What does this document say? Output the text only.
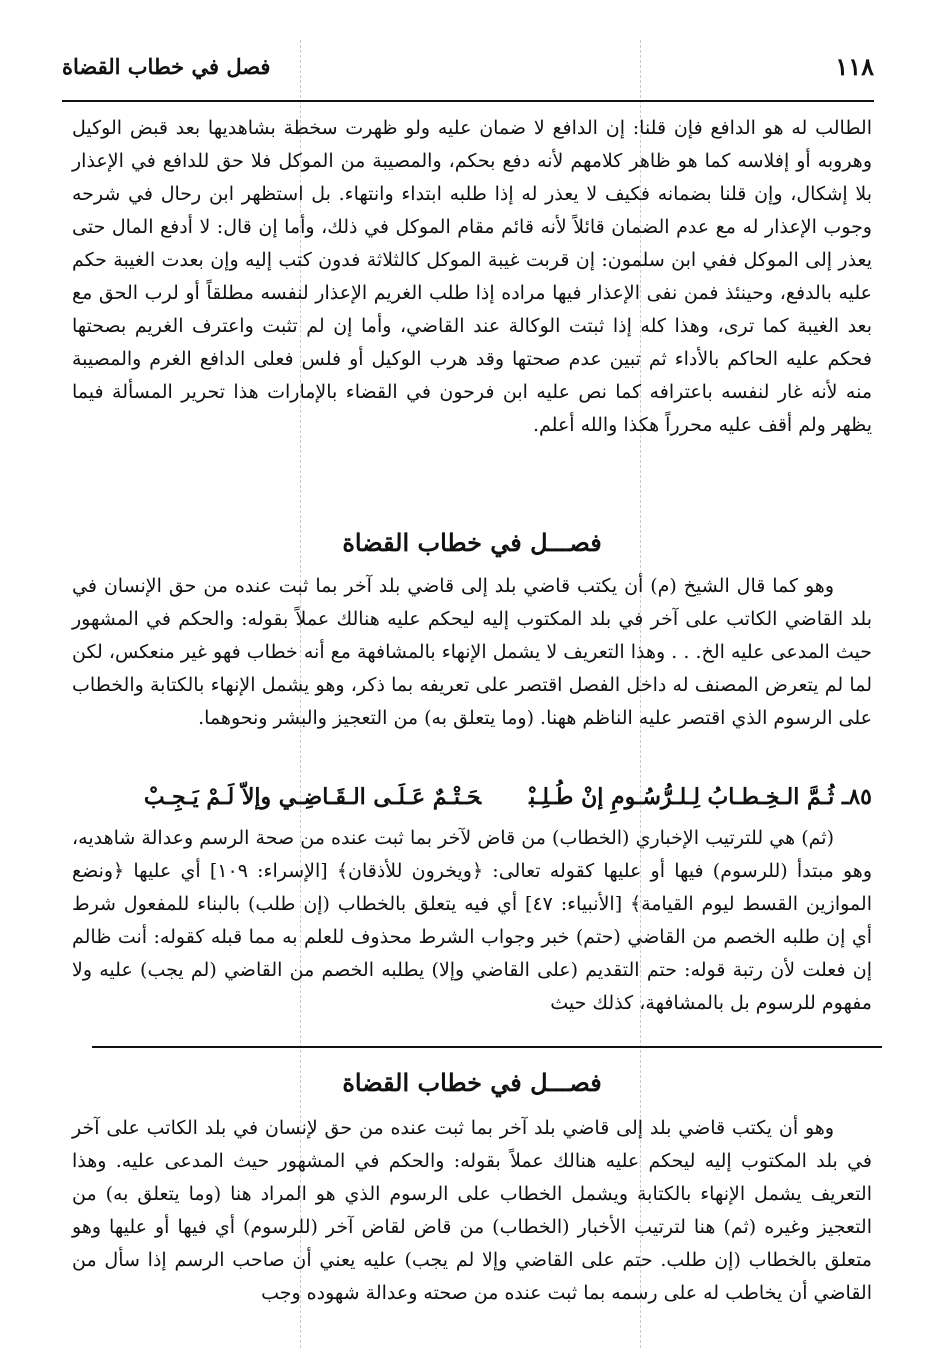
١١٨
فصل في خطاب القضاة

الطالب له هو الدافع فإن قلنا: إن الدافع لا ضمان عليه ولو ظهرت سخطة بشاهديها بعد قبض الوكيل وهروبه أو إفلاسه كما هو ظاهر كلامهم لأنه دفع بحكم، والمصيبة من الموكل فلا حق للدافع في الإعذار بلا إشكال، وإن قلنا بضمانه فكيف لا يعذر له إذا طلبه ابتداء وانتهاء. بل استظهر ابن رحال في شرحه وجوب الإعذار له مع عدم الضمان قائلاً لأنه قائم مقام الموكل في ذلك، وأما إن قال: لا أدفع المال حتى يعذر إلى الموكل ففي ابن سلمون: إن قربت غيبة الموكل كالثلاثة فدون كتب إليه وإن بعدت الغيبة حكم عليه بالدفع، وحينئذ فمن نفى الإعذار فيها مراده إذا طلب الغريم الإعذار لنفسه مطلقاً أو لرب الحق مع بعد الغيبة كما ترى، وهذا كله إذا ثبتت الوكالة عند القاضي، وأما إن لم تثبت واعترف الغريم بصحتها فحكم عليه الحاكم بالأداء ثم تبين عدم صحتها وقد هرب الوكيل أو فلس فعلى الدافع الغرم والمصيبة منه لأنه غار لنفسه باعترافه كما نص عليه ابن فرحون في القضاء بالإمارات هذا تحرير المسألة فيما يظهر ولم أقف عليه محرراً هكذا والله أعلم.

فصـــل في خطاب القضاة

وهو كما قال الشيخ (م) أن يكتب قاضي بلد إلى قاضي بلد آخر بما ثبت عنده من حق الإنسان في بلد القاضي الكاتب على آخر في بلد المكتوب إليه ليحكم عليه هنالك عملاً بقوله: والحكم في المشهور حيث المدعى عليه الخ. . . وهذا التعريف لا يشمل الإنهاء بالمشافهة مع أنه خطاب فهو غير منعكس، لكن لما لم يتعرض المصنف له داخل الفصل اقتصر على تعريفه بما ذكر، وهو يشمل الإنهاء بالكتابة والخطاب على الرسوم الذي اقتصر عليه الناظم ههنا. (وما يتعلق به) من التعجيز والبشر ونحوهما.

٨٥ـ ثُـمَّ الـخِـطـابُ لِـلـرُّسُـومِ إنْ طُـلِـبْحَـتْـمٌ عَـلَـى الـقَـاضِـي وإلاّ لَـمْ يَـجِـبْ

(ثم) هي للترتيب الإخباري (الخطاب) من قاض لآخر بما ثبت عنده من صحة الرسم وعدالة شاهديه، وهو مبتدأ (للرسوم) فيها أو عليها كقوله تعالى: ﴿ويخرون للأذقان﴾ [الإسراء: ١٠٩] أي عليها ﴿ونضع الموازين القسط ليوم القيامة﴾ [الأنبياء: ٤٧] أي فيه يتعلق بالخطاب (إن طلب) بالبناء للمفعول شرط أي إن طلبه الخصم من القاضي (حتم) خبر وجواب الشرط محذوف للعلم به مما قبله كقوله: أنت ظالم إن فعلت لأن رتبة قوله: حتم التقديم (على القاضي وإلا) يطلبه الخصم من القاضي (لم يجب) عليه ولا مفهوم للرسوم بل بالمشافهة، كذلك حيث

فصـــل في خطاب القضاة

وهو أن يكتب قاضي بلد إلى قاضي بلد آخر بما ثبت عنده من حق لإنسان في بلد الكاتب على آخر في بلد المكتوب إليه ليحكم عليه هنالك عملاً بقوله: والحكم في المشهور حيث المدعى عليه. وهذا التعريف يشمل الإنهاء بالكتابة ويشمل الخطاب على الرسوم الذي هو المراد هنا (وما يتعلق به) من التعجيز وغيره (ثم) هنا لترتيب الأخبار (الخطاب) من قاض لقاض آخر (للرسوم) أي فيها أو عليها وهو متعلق بالخطاب (إن طلب. حتم على القاضي وإلا لم يجب) عليه يعني أن صاحب الرسم إذا سأل من القاضي أن يخاطب له على رسمه بما ثبت عنده من صحته وعدالة شهوده وجب
